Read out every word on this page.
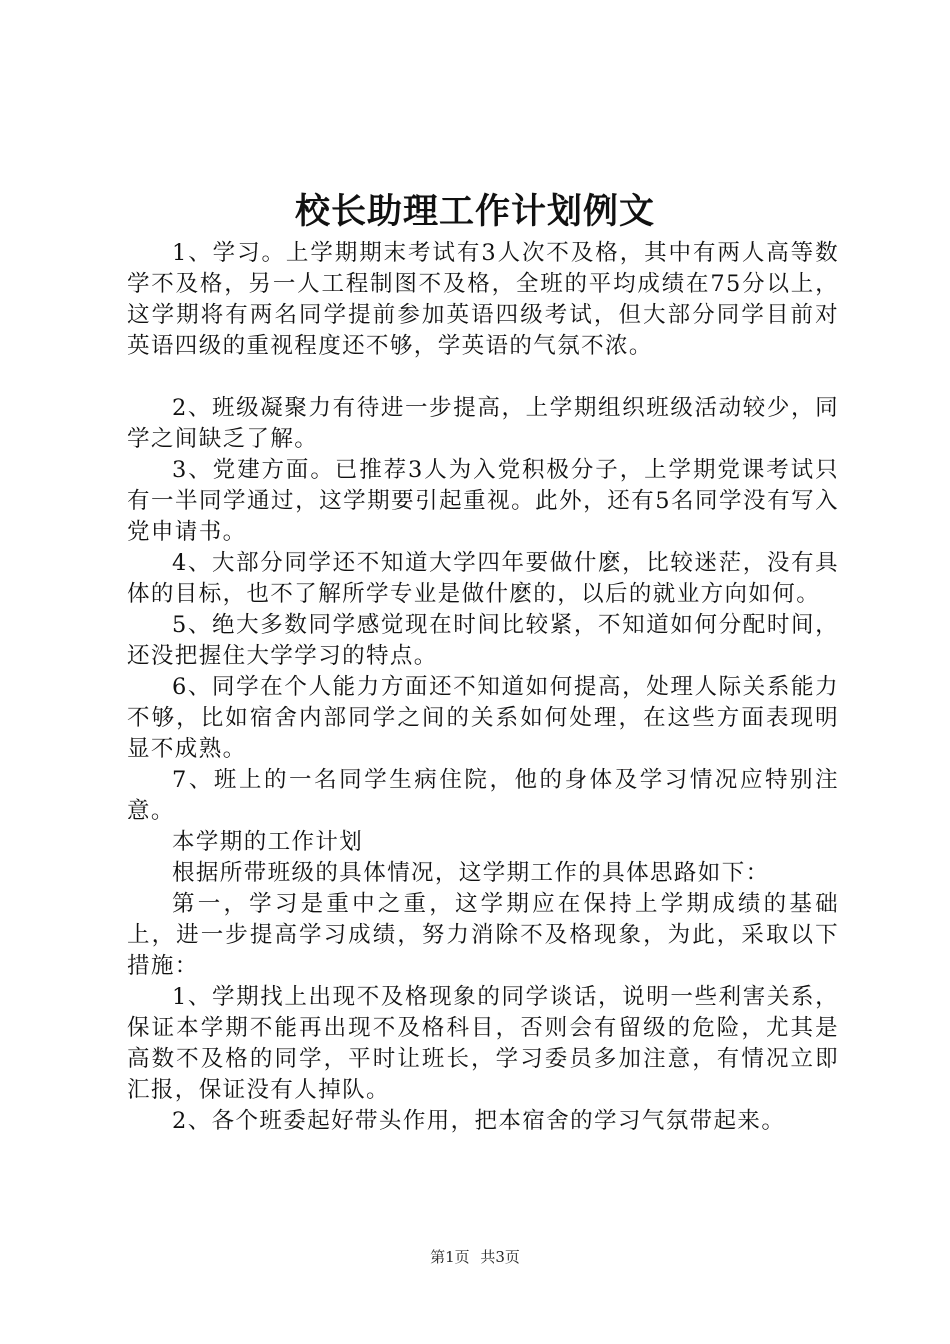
校长助理工作计划例文

1、学习。上学期期末考试有3人次不及格，其中有两人高等数学不及格，另一人工程制图不及格，全班的平均成绩在75分以上，这学期将有两名同学提前参加英语四级考试，但大部分同学目前对英语四级的重视程度还不够，学英语的气氛不浓。

2、班级凝聚力有待进一步提高，上学期组织班级活动较少，同学之间缺乏了解。

3、党建方面。已推荐3人为入党积极分子，上学期党课考试只有一半同学通过，这学期要引起重视。此外，还有5名同学没有写入党申请书。

4、大部分同学还不知道大学四年要做什麽，比较迷茫，没有具体的目标，也不了解所学专业是做什麽的，以后的就业方向如何。

5、绝大多数同学感觉现在时间比较紧，不知道如何分配时间，还没把握住大学学习的特点。

6、同学在个人能力方面还不知道如何提高，处理人际关系能力不够，比如宿舍内部同学之间的关系如何处理，在这些方面表现明显不成熟。

7、班上的一名同学生病住院，他的身体及学习情况应特别注意。

本学期的工作计划

根据所带班级的具体情况，这学期工作的具体思路如下：

第一，学习是重中之重，这学期应在保持上学期成绩的基础上，进一步提高学习成绩，努力消除不及格现象，为此，采取以下措施：

1、学期找上出现不及格现象的同学谈话，说明一些利害关系，保证本学期不能再出现不及格科目，否则会有留级的危险，尤其是高数不及格的同学，平时让班长，学习委员多加注意，有情况立即汇报，保证没有人掉队。

2、各个班委起好带头作用，把本宿舍的学习气氛带起来。

第1页 共3页
